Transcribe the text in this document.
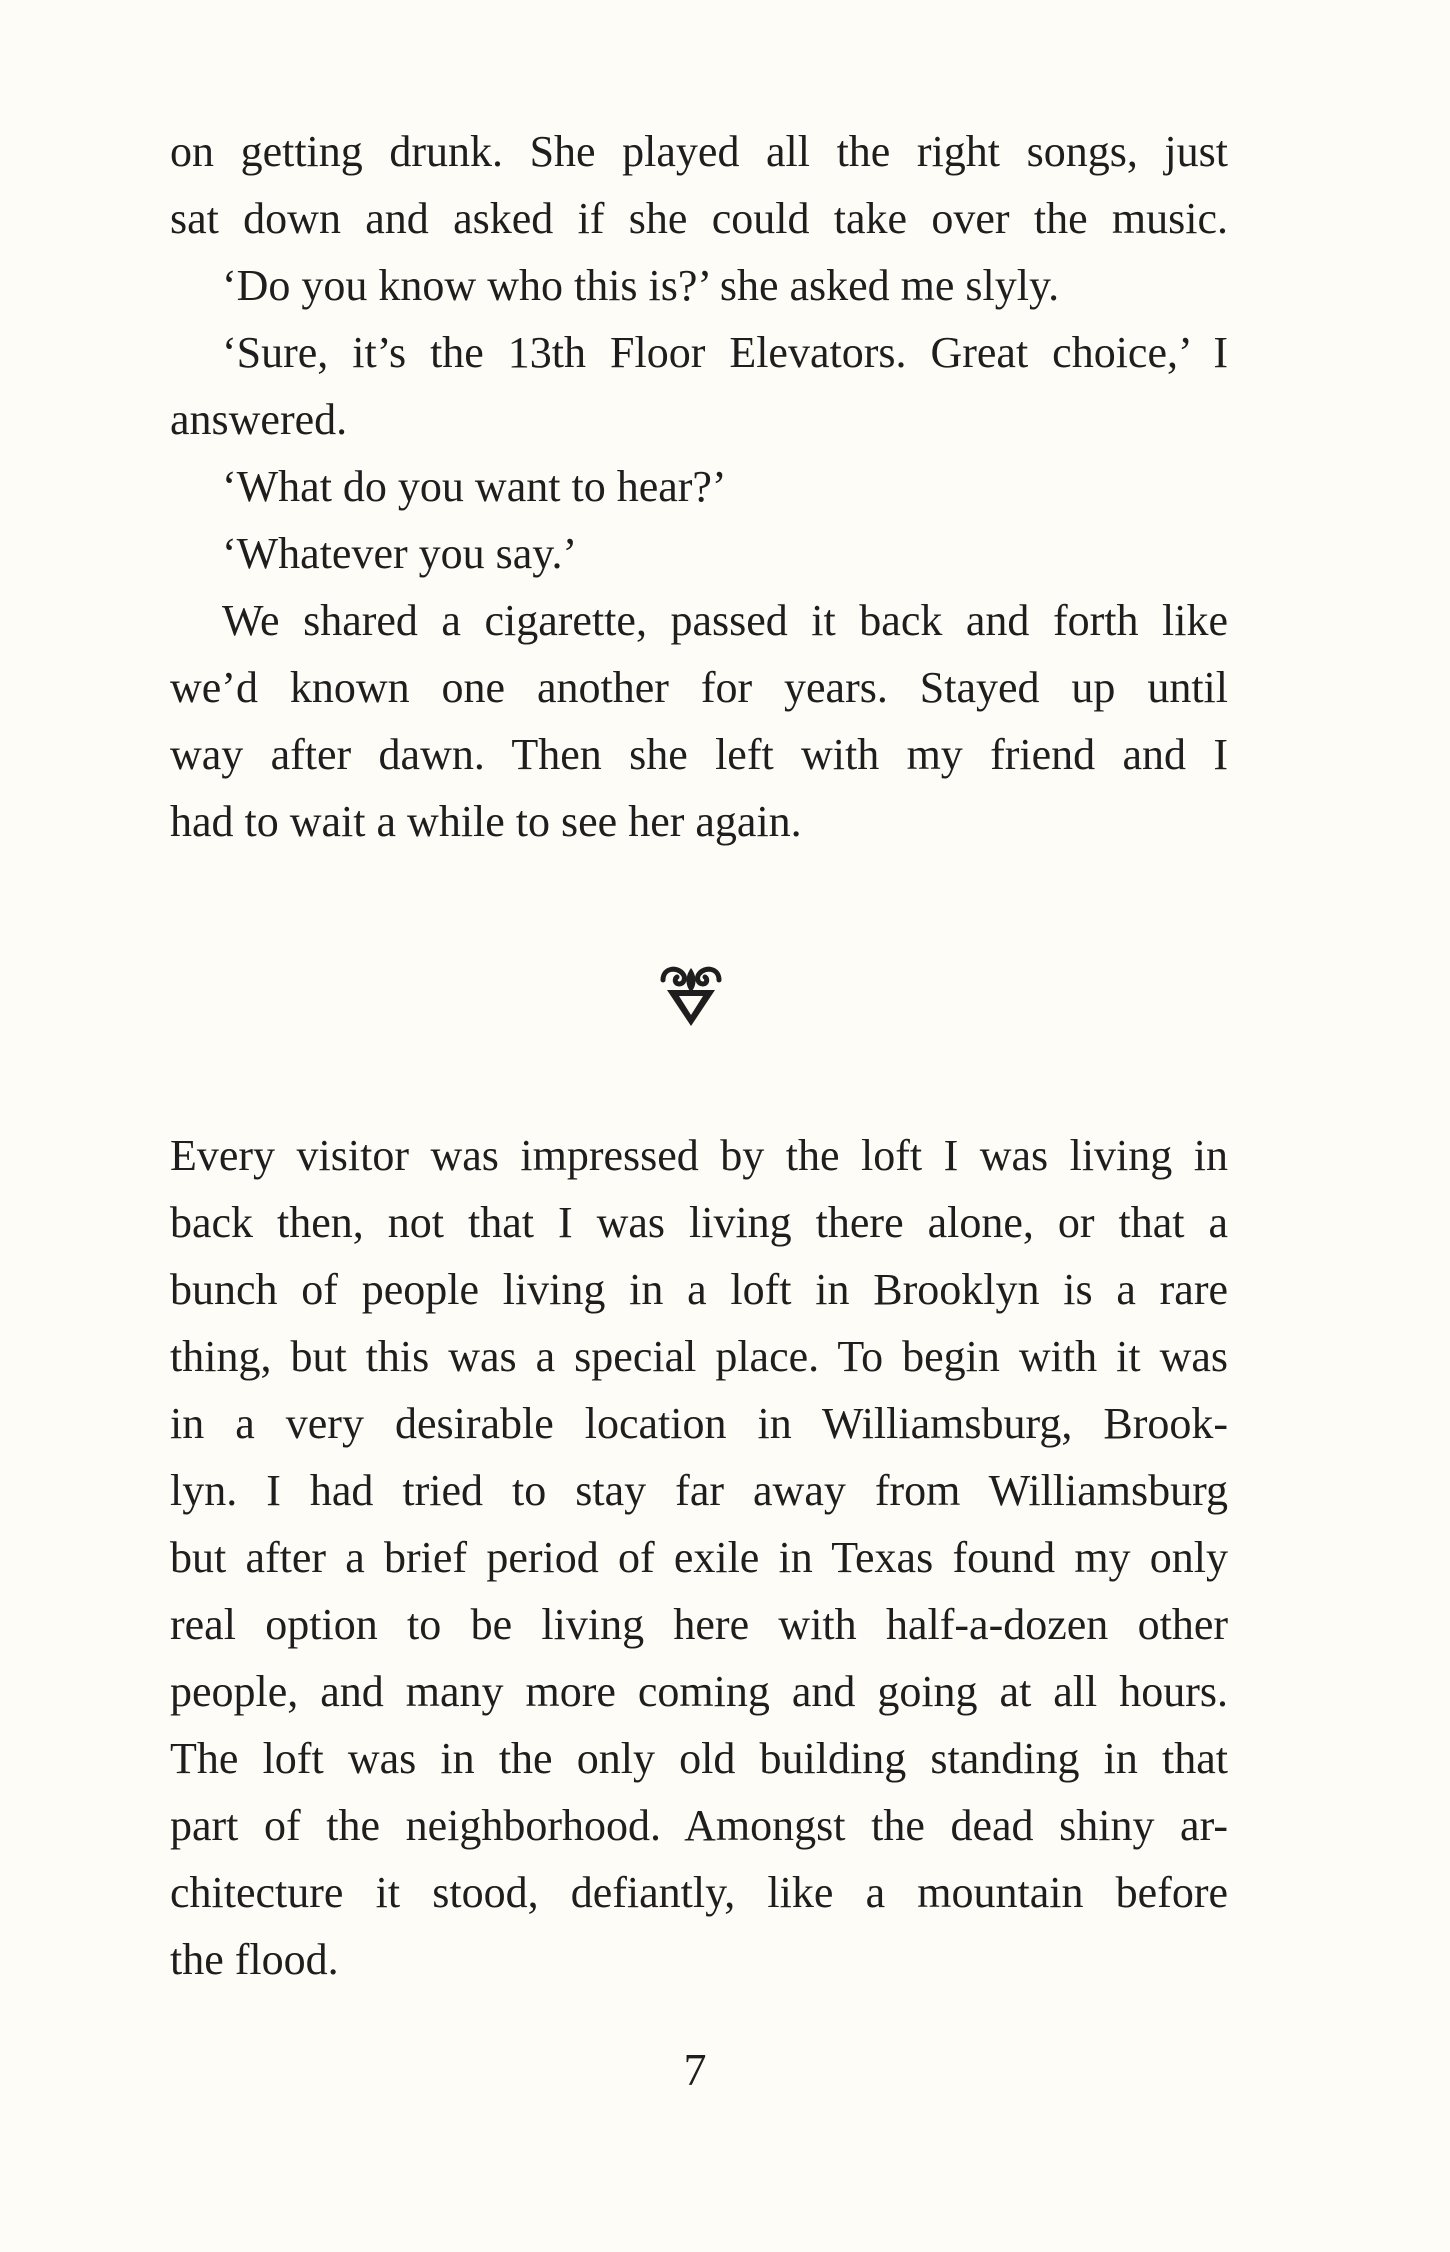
on getting drunk. She played all the right songs, just
sat down and asked if she could take over the music.
‘Do you know who this is?’ she asked me slyly.
‘Sure, it’s the 13th Floor Elevators. Great choice,’ I
answered.
‘What do you want to hear?’
‘Whatever you say.’
We shared a cigarette, passed it back and forth like
we’d known one another for years. Stayed up until
way after dawn. Then she left with my friend and I
had to wait a while to see her again.
Every visitor was impressed by the loft I was living in
back then, not that I was living there alone, or that a
bunch of people living in a loft in Brooklyn is a rare
thing, but this was a special place. To begin with it was
in a very desirable location in Williamsburg, Brook-
lyn. I had tried to stay far away from Williamsburg
but after a brief period of exile in Texas found my only
real option to be living here with half-a-dozen other
people, and many more coming and going at all hours.
The loft was in the only old building standing in that
part of the neighborhood. Amongst the dead shiny ar-
chitecture it stood, defiantly, like a mountain before
the flood.
7
